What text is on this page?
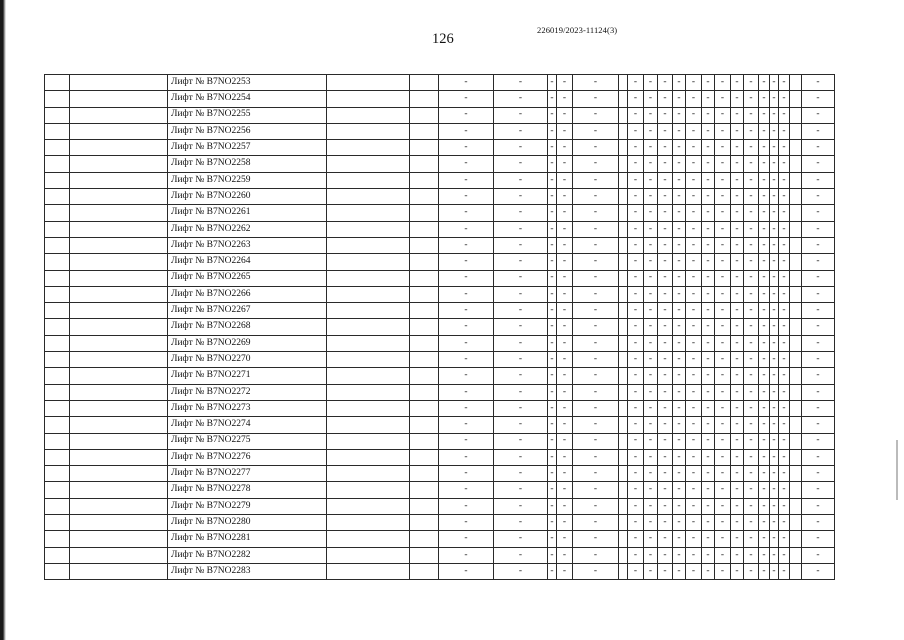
226019/2023-11124(3)
126
		Лифт № B7NO2253			-	-	-	-	-		-	-	-	-	-	-	-	-	-	-	-	-		-
		Лифт № B7NO2254			-	-	-	-	-		-	-	-	-	-	-	-	-	-	-	-	-		-
		Лифт № B7NO2255			-	-	-	-	-		-	-	-	-	-	-	-	-	-	-	-	-		-
		Лифт № B7NO2256			-	-	-	-	-		-	-	-	-	-	-	-	-	-	-	-	-		-
		Лифт № B7NO2257			-	-	-	-	-		-	-	-	-	-	-	-	-	-	-	-	-		-
		Лифт № B7NO2258			-	-	-	-	-		-	-	-	-	-	-	-	-	-	-	-	-		-
		Лифт № B7NO2259			-	-	-	-	-		-	-	-	-	-	-	-	-	-	-	-	-		-
		Лифт № B7NO2260			-	-	-	-	-		-	-	-	-	-	-	-	-	-	-	-	-		-
		Лифт № B7NO2261			-	-	-	-	-		-	-	-	-	-	-	-	-	-	-	-	-		-
		Лифт № B7NO2262			-	-	-	-	-		-	-	-	-	-	-	-	-	-	-	-	-		-
		Лифт № B7NO2263			-	-	-	-	-		-	-	-	-	-	-	-	-	-	-	-	-		-
		Лифт № B7NO2264			-	-	-	-	-		-	-	-	-	-	-	-	-	-	-	-	-		-
		Лифт № B7NO2265			-	-	-	-	-		-	-	-	-	-	-	-	-	-	-	-	-		-
		Лифт № B7NO2266			-	-	-	-	-		-	-	-	-	-	-	-	-	-	-	-	-		-
		Лифт № B7NO2267			-	-	-	-	-		-	-	-	-	-	-	-	-	-	-	-	-		-
		Лифт № B7NO2268			-	-	-	-	-		-	-	-	-	-	-	-	-	-	-	-	-		-
		Лифт № B7NO2269			-	-	-	-	-		-	-	-	-	-	-	-	-	-	-	-	-		-
		Лифт № B7NO2270			-	-	-	-	-		-	-	-	-	-	-	-	-	-	-	-	-		-
		Лифт № B7NO2271			-	-	-	-	-		-	-	-	-	-	-	-	-	-	-	-	-		-
		Лифт № B7NO2272			-	-	-	-	-		-	-	-	-	-	-	-	-	-	-	-	-		-
		Лифт № B7NO2273			-	-	-	-	-		-	-	-	-	-	-	-	-	-	-	-	-		-
		Лифт № B7NO2274			-	-	-	-	-		-	-	-	-	-	-	-	-	-	-	-	-		-
		Лифт № B7NO2275			-	-	-	-	-		-	-	-	-	-	-	-	-	-	-	-	-		-
		Лифт № B7NO2276			-	-	-	-	-		-	-	-	-	-	-	-	-	-	-	-	-		-
		Лифт № B7NO2277			-	-	-	-	-		-	-	-	-	-	-	-	-	-	-	-	-		-
		Лифт № B7NO2278			-	-	-	-	-		-	-	-	-	-	-	-	-	-	-	-	-		-
		Лифт № B7NO2279			-	-	-	-	-		-	-	-	-	-	-	-	-	-	-	-	-		-
		Лифт № B7NO2280			-	-	-	-	-		-	-	-	-	-	-	-	-	-	-	-	-		-
		Лифт № B7NO2281			-	-	-	-	-		-	-	-	-	-	-	-	-	-	-	-	-		-
		Лифт № B7NO2282			-	-	-	-	-		-	-	-	-	-	-	-	-	-	-	-	-		-
		Лифт № B7NO2283			-	-	-	-	-		-	-	-	-	-	-	-	-	-	-	-	-		-
